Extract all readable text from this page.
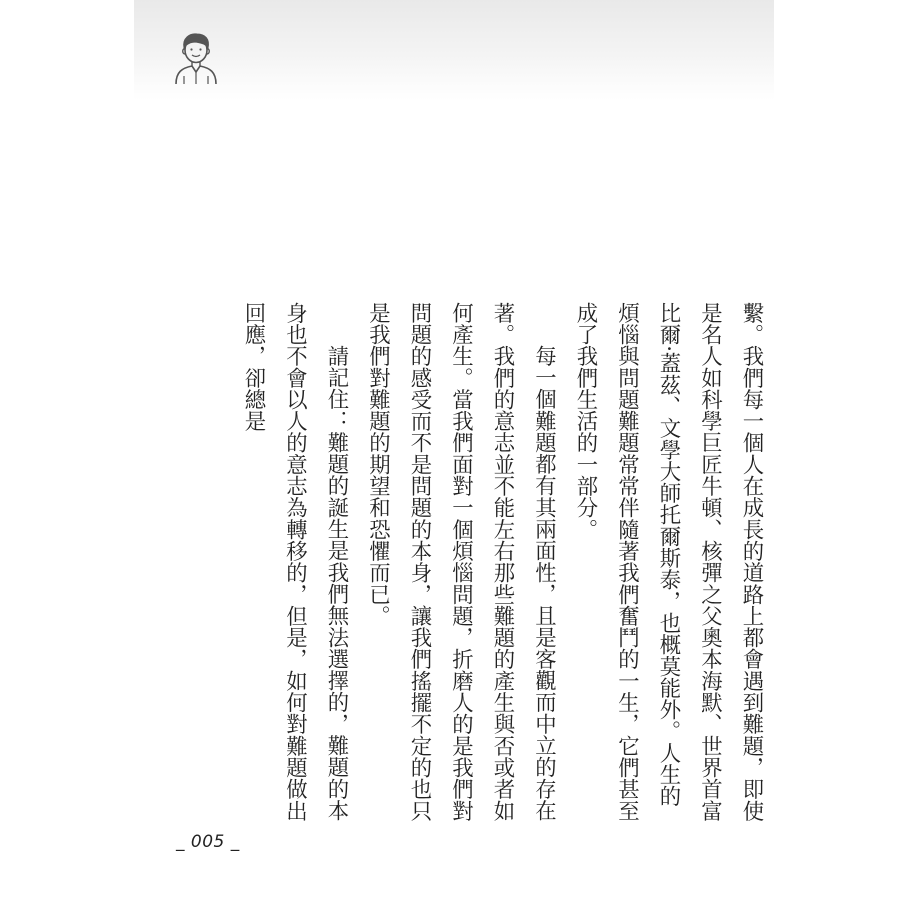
繫。我們每一個人在成長的道路上都會遇到難題，即使是名人如科學巨匠牛頓、核彈之父奧本海默、世界首富比爾·蓋茲、文學大師托爾斯泰，也概莫能外。人生的煩惱與問題難題常常伴隨著我們奮鬥的一生，它們甚至成了我們生活的一部分。

每一個難題都有其兩面性，且是客觀而中立的存在著。我們的意志並不能左右那些難題的產生與否或者如何產生。當我們面對一個煩惱問題，折磨人的是我們對問題的感受而不是問題的本身，讓我們搖擺不定的也只是我們對難題的期望和恐懼而已。

請記住：難題的誕生是我們無法選擇的，難題的本身也不會以人的意志為轉移的，但是，如何對難題做出回應，卻總是

_ 005 _
